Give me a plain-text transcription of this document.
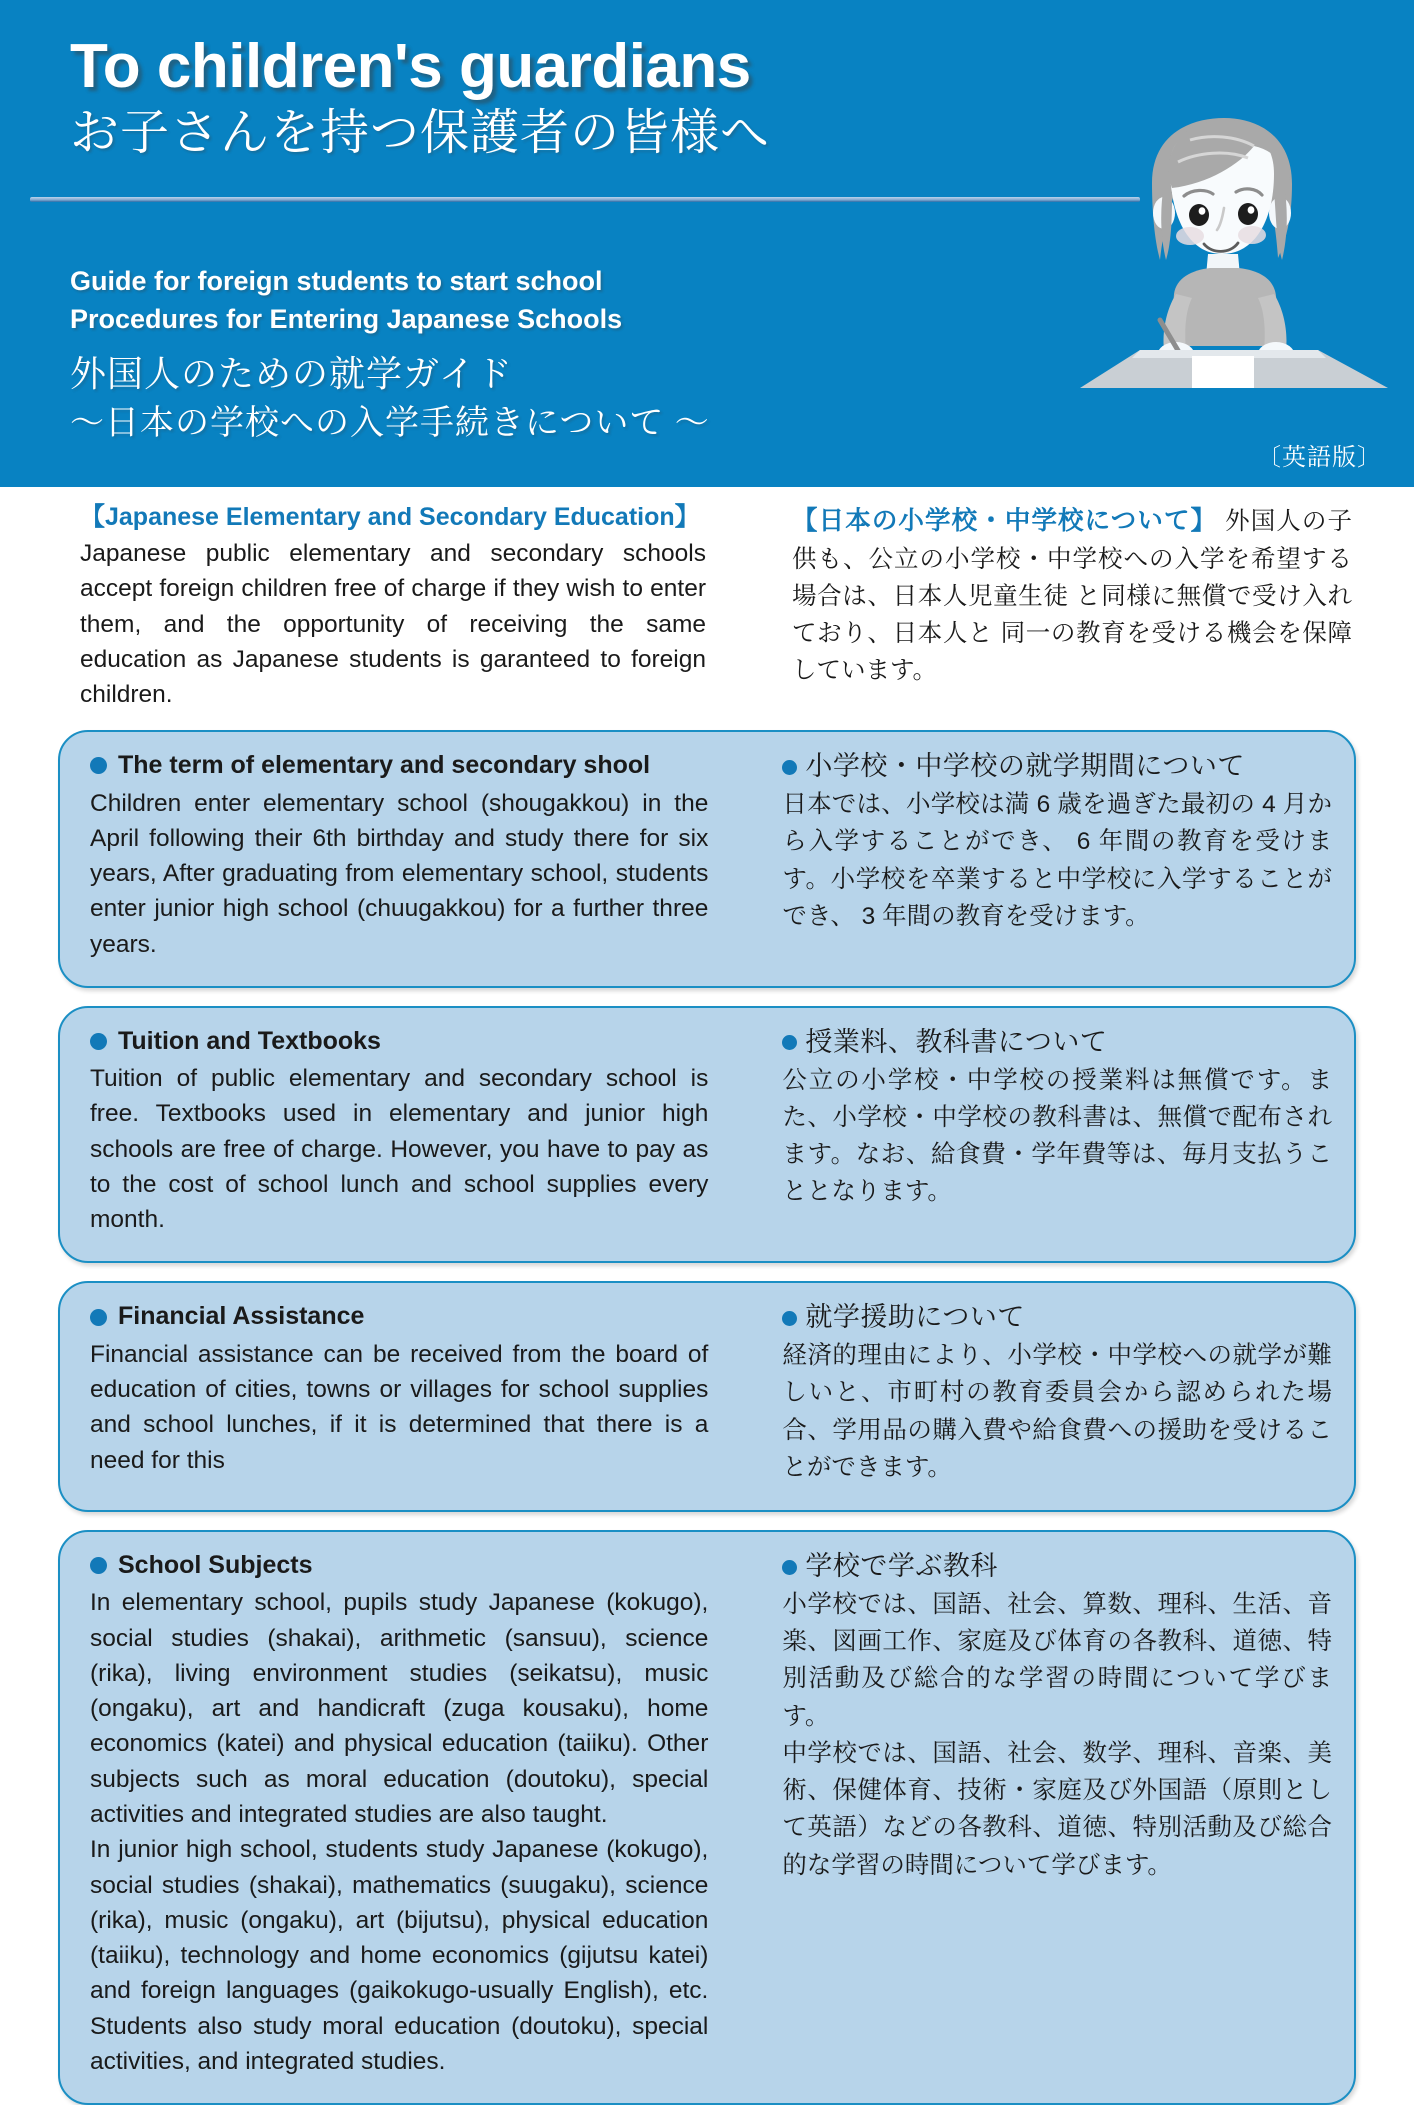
To children's guardians
お子さんを持つ保護者の皆様へ
Guide for foreign students to start school
Procedures for Entering Japanese Schools
外国人のための就学ガイド
～日本の学校への入学手続きについて ～
〔英語版〕
【Japanese Elementary and Secondary Education】
Japanese public elementary and secondary schools accept foreign children free of charge if they wish to enter them, and the opportunity of receiving the same education as Japanese students is garanteed to foreign children.
【日本の小学校・中学校について】 外国人の子供も、公立の小学校・中学校への入学を希望する場合は、日本人児童生徒 と同様に無償で受け入れており、日本人と 同一の教育を受ける機会を保障しています。
The term of elementary and secondary shool
Children enter elementary school (shougakkou) in the April following their 6th birthday and study there for six years, After graduating from elementary school, students enter junior high school (chuugakkou) for a further three years.
小学校・中学校の就学期間について
日本では、小学校は満 6 歳を過ぎた最初の 4 月から入学することができ、 6 年間の教育を受けます。小学校を卒業すると中学校に入学することができ、 3 年間の教育を受けます。
Tuition and Textbooks
Tuition of public elementary and secondary school is free. Textbooks used in elementary and junior high schools are free of charge. However, you have to pay as to the cost of school lunch and school supplies every month.
授業料、教科書について
公立の小学校・中学校の授業料は無償です。また、小学校・中学校の教科書は、無償で配布されます。なお、給食費・学年費等は、毎月支払うこととなります。
Financial Assistance
Financial assistance can be received from the board of education of cities, towns or villages for school supplies and school lunches, if it is determined that there is a need for this
就学援助について
経済的理由により、小学校・中学校への就学が難しいと、市町村の教育委員会から認められた場合、学用品の購入費や給食費への援助を受けることができます。
School Subjects

In elementary school, pupils study Japanese (kokugo), social studies (shakai), arithmetic (sansuu), science (rika), living environment studies (seikatsu), music (ongaku), art and handicraft (zuga kousaku), home economics (katei) and physical education (taiiku). Other subjects such as moral education (doutoku), special activities and integrated studies are also taught.

In junior high school, students study Japanese (kokugo), social studies (shakai), mathematics (suugaku), science (rika), music (ongaku), art (bijutsu), physical education (taiiku), technology and home economics (gijutsu katei) and foreign languages (gaikokugo-usually English), etc. Students also study moral education (doutoku), special activities, and integrated studies.

学校で学ぶ教科

小学校では、国語、社会、算数、理科、生活、音楽、図画工作、家庭及び体育の各教科、道徳、特別活動及び総合的な学習の時間について学びます。

中学校では、国語、社会、数学、理科、音楽、美術、保健体育、技術・家庭及び外国語（原則として英語）などの各教科、道徳、特別活動及び総合的な学習の時間について学びます。
